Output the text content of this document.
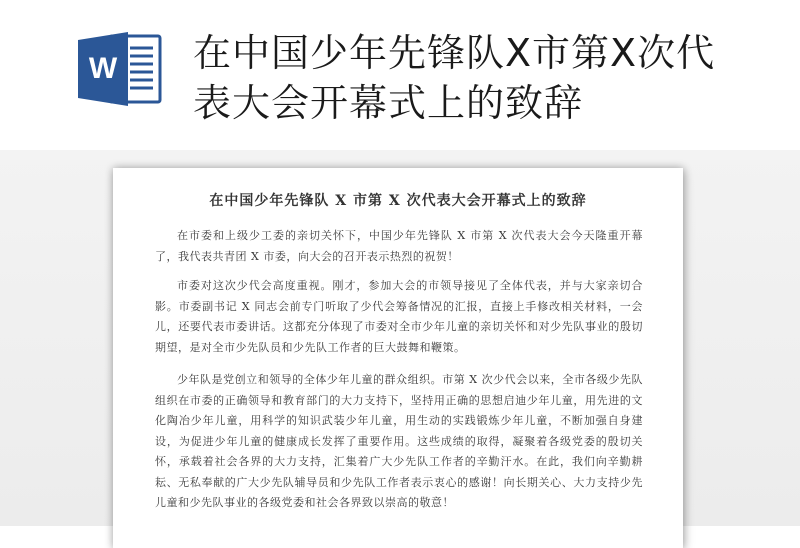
W 在中国少年先锋队X市第X次代
表大会开幕式上的致辞
在中国少年先锋队 X 市第 X 次代表大会开幕式上的致辞

在市委和上级少工委的亲切关怀下，中国少年先锋队 X 市第 X 次代表大会今天隆重开幕了，我代表共青团 X 市委，向大会的召开表示热烈的祝贺！

市委对这次少代会高度重视。刚才，参加大会的市领导接见了全体代表，并与大家亲切合影。市委副书记 X 同志会前专门听取了少代会筹备情况的汇报，直接上手修改相关材料，一会儿，还要代表市委讲话。这都充分体现了市委对全市少年儿童的亲切关怀和对少先队事业的殷切期望，是对全市少先队员和少先队工作者的巨大鼓舞和鞭策。

少年队是党创立和领导的全体少年儿童的群众组织。市第 X 次少代会以来，全市各级少先队组织在市委的正确领导和教育部门的大力支持下，坚持用正确的思想启迪少年儿童，用先进的文化陶冶少年儿童，用科学的知识武装少年儿童，用生动的实践锻炼少年儿童，不断加强自身建设，为促进少年儿童的健康成长发挥了重要作用。这些成绩的取得，凝聚着各级党委的殷切关怀，承载着社会各界的大力支持，汇集着广大少先队工作者的辛勤汗水。在此，我们向辛勤耕耘、无私奉献的广大少先队辅导员和少先队工作者表示衷心的感谢！向长期关心、大力支持少先儿童和少先队事业的各级党委和社会各界致以崇高的敬意！
